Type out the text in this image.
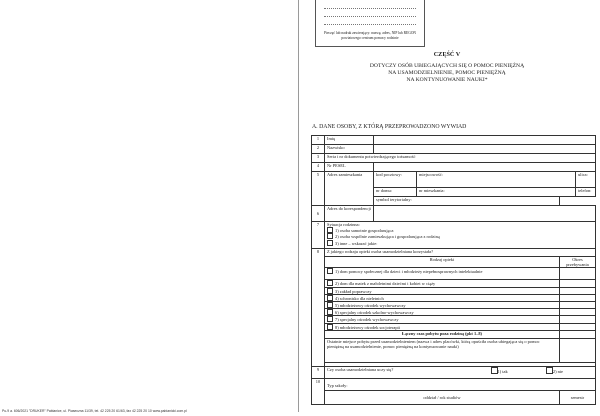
Pieczęć lub nadruk zawierający: nazwę, adres, NIP lub REGON powiatowego centrum pomocy rodzinie
CZĘŚĆ V
DOTYCZY OSÓB UBIEGAJĄCYCH SIĘ O POMOC PIENIĘŻNĄ
NA USAMODZIELNIENIE, POMOC PIENIĘŻNĄ
NA KONTYNUOWANIE NAUKI*
A. DANE OSOBY, Z KTÓRĄ PRZEPROWADZONO WYWIAD
1	Imię				
2	Nazwisko				
3	Seria i nr dokumentu potwierdzającego tożsamość				
4	Nr PESEL				
5	Adres zamieszkania	kod pocztowy:	miejscowość:		ulica:
		nr domu:	nr mieszkania:		telefon:
		symbol terytorialny:			
6	Adres do korespondencji				
7	Sytuacja rodzinna:
1) osoba samotnie gospodarująca
2) osoba wspólnie zamieszkująca i gospodarująca z rodziną
3) inne – wskazać jakie:				

8	Z jakiego rodzaju opieki osoba usamodzielniana korzystała?				
	Rodzaj opieki			Okres przebywania	
	1) dom pomocy społecznej dla dzieci i młodzieży niepełnosprawnych intelektualnie				
	2) dom dla matek z małoletnimi dziećmi i kobiet w ciąży				
	3) zakład poprawczy				
	4) schronisko dla nieletnich				
	5) młodzieżowy ośrodek wychowawczy				
	6) specjalny ośrodek szkolno-wychowawczy				
	7) specjalny ośrodek wychowawczy				
	8) młodzieżowy ośrodek socjoterapii				
	Łączny czas pobytu poza rodziną (pkt 1–8)				
	Ostatnie miejsce pobytu przed usamodzielnieniem (nazwa i adres placówki, którą opuściła osoba ubiegająca się o pomoc pieniężną na usamodzielnienie, pomoc pieniężną na kontynuowanie nauki)				

9	Czy osoba usamodzielniana uczy się? 1) tak 2) nie				

10	Typ szkoły:				
	oddział / rok studiów			semestr	
Pu-9 a. 606/2021 "DRUKER" Pabianice, ul. Piaseczna 11/39, tel. 42 225 20 61/63, fax 42 225 20 10 www.pabianicki.com.pl
